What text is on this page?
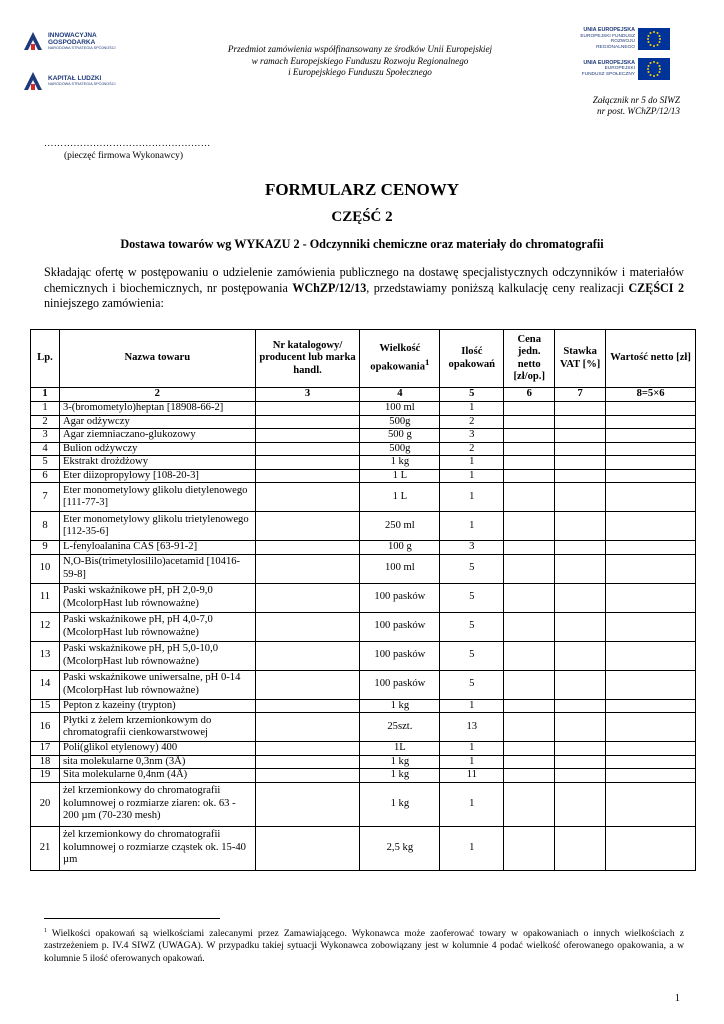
INNOWACYJNA
GOSPODARKA
NARODOWA STRATEGIA SPÓJNOŚCI
KAPITAŁ LUDZKI
NARODOWA STRATEGIA SPÓJNOŚCI
Przedmiot zamówienia współfinansowany ze środków Unii Europejskiej
w ramach Europejskiego Funduszu Rozwoju Regionalnego
i Europejskiego Funduszu Społecznego
UNIA EUROPEJSKA
EUROPEJSKI FUNDUSZ
ROZWOJU REGIONALNEGO
UNIA EUROPEJSKA
EUROPEJSKI
FUNDUSZ SPOŁECZNY
Załącznik nr 5 do SIWZ
nr post. WChZP/12/13
……………………………………………
(pieczęć firmowa Wykonawcy)
FORMULARZ CENOWY
CZĘŚĆ 2
Dostawa towarów wg WYKAZU 2 - Odczynniki chemiczne oraz materiały do chromatografii
Składając ofertę w postępowaniu o udzielenie zamówienia publicznego na dostawę specjalistycznych odczynników i materiałów chemicznych i biochemicznych, nr postępowania WChZP/12/13, przedstawiamy poniższą kalkulację ceny realizacji CZĘŚCI 2 niniejszego zamówienia:
Lp.	Nazwa towaru	Nr katalogowy/ producent lub marka handl.	Wielkość opakowania$^1$	Ilość opakowań	Cena jedn. netto [zł/op.]	Stawka VAT [%]	Wartość netto [zł]
1	2	3	4	5	6	7	8=5×6
1	3-(bromometylo)heptan [18908-66-2]		100 ml	1			
2	Agar odżywczy		500g	2			
3	Agar ziemniaczano-glukozowy		500 g	3			
4	Bulion odżywczy		500g	2			
5	Ekstrakt drożdżowy		1 kg	1			
6	Eter diizopropylowy [108-20-3]		1 L	1			
7	Eter monometylowy glikolu dietylenowego [111-77-3]		1 L	1			
8	Eter monometylowy glikolu trietylenowego [112-35-6]		250 ml	1			
9	L-fenyloalanina CAS [63-91-2]		100 g	3			
10	N,O-Bis(trimetylosililo)acetamid [10416-59-8]		100 ml	5			
11	Paski wskaźnikowe pH, pH 2,0-9,0 (McolorpHast lub równoważne)		100 pasków	5			
12	Paski wskaźnikowe pH, pH 4,0-7,0 (McolorpHast lub równoważne)		100 pasków	5			
13	Paski wskaźnikowe pH, pH 5,0-10,0 (McolorpHast lub równoważne)		100 pasków	5			
14	Paski wskaźnikowe uniwersalne, pH 0-14 (McolorpHast lub równoważne)		100 pasków	5			
15	Pepton z kazeiny (trypton)		1 kg	1			
16	Płytki z żelem krzemionkowym do chromatografii cienkowarstwowej		25szt.	13			
17	Poli(glikol etylenowy) 400		1L	1			
18	sita molekularne 0,3nm (3Å)		1 kg	1			
19	Sita molekularne 0,4nm (4Å)		1 kg	11			
20	żel krzemionkowy do chromatografii kolumnowej o rozmiarze ziaren: ok. 63 - 200 µm (70-230 mesh)		1 kg	1			
21	żel krzemionkowy do chromatografii kolumnowej o rozmiarze cząstek ok. 15-40 µm		2,5 kg	1			
$^1$ Wielkości opakowań są wielkościami zalecanymi przez Zamawiającego. Wykonawca może zaoferować towary w opakowaniach o innych wielkościach z zastrzeżeniem p. IV.4 SIWZ (UWAGA). W przypadku takiej sytuacji Wykonawca zobowiązany jest w kolumnie 4 podać wielkość oferowanego opakowania, a w kolumnie 5 ilość oferowanych opakowań.
1
